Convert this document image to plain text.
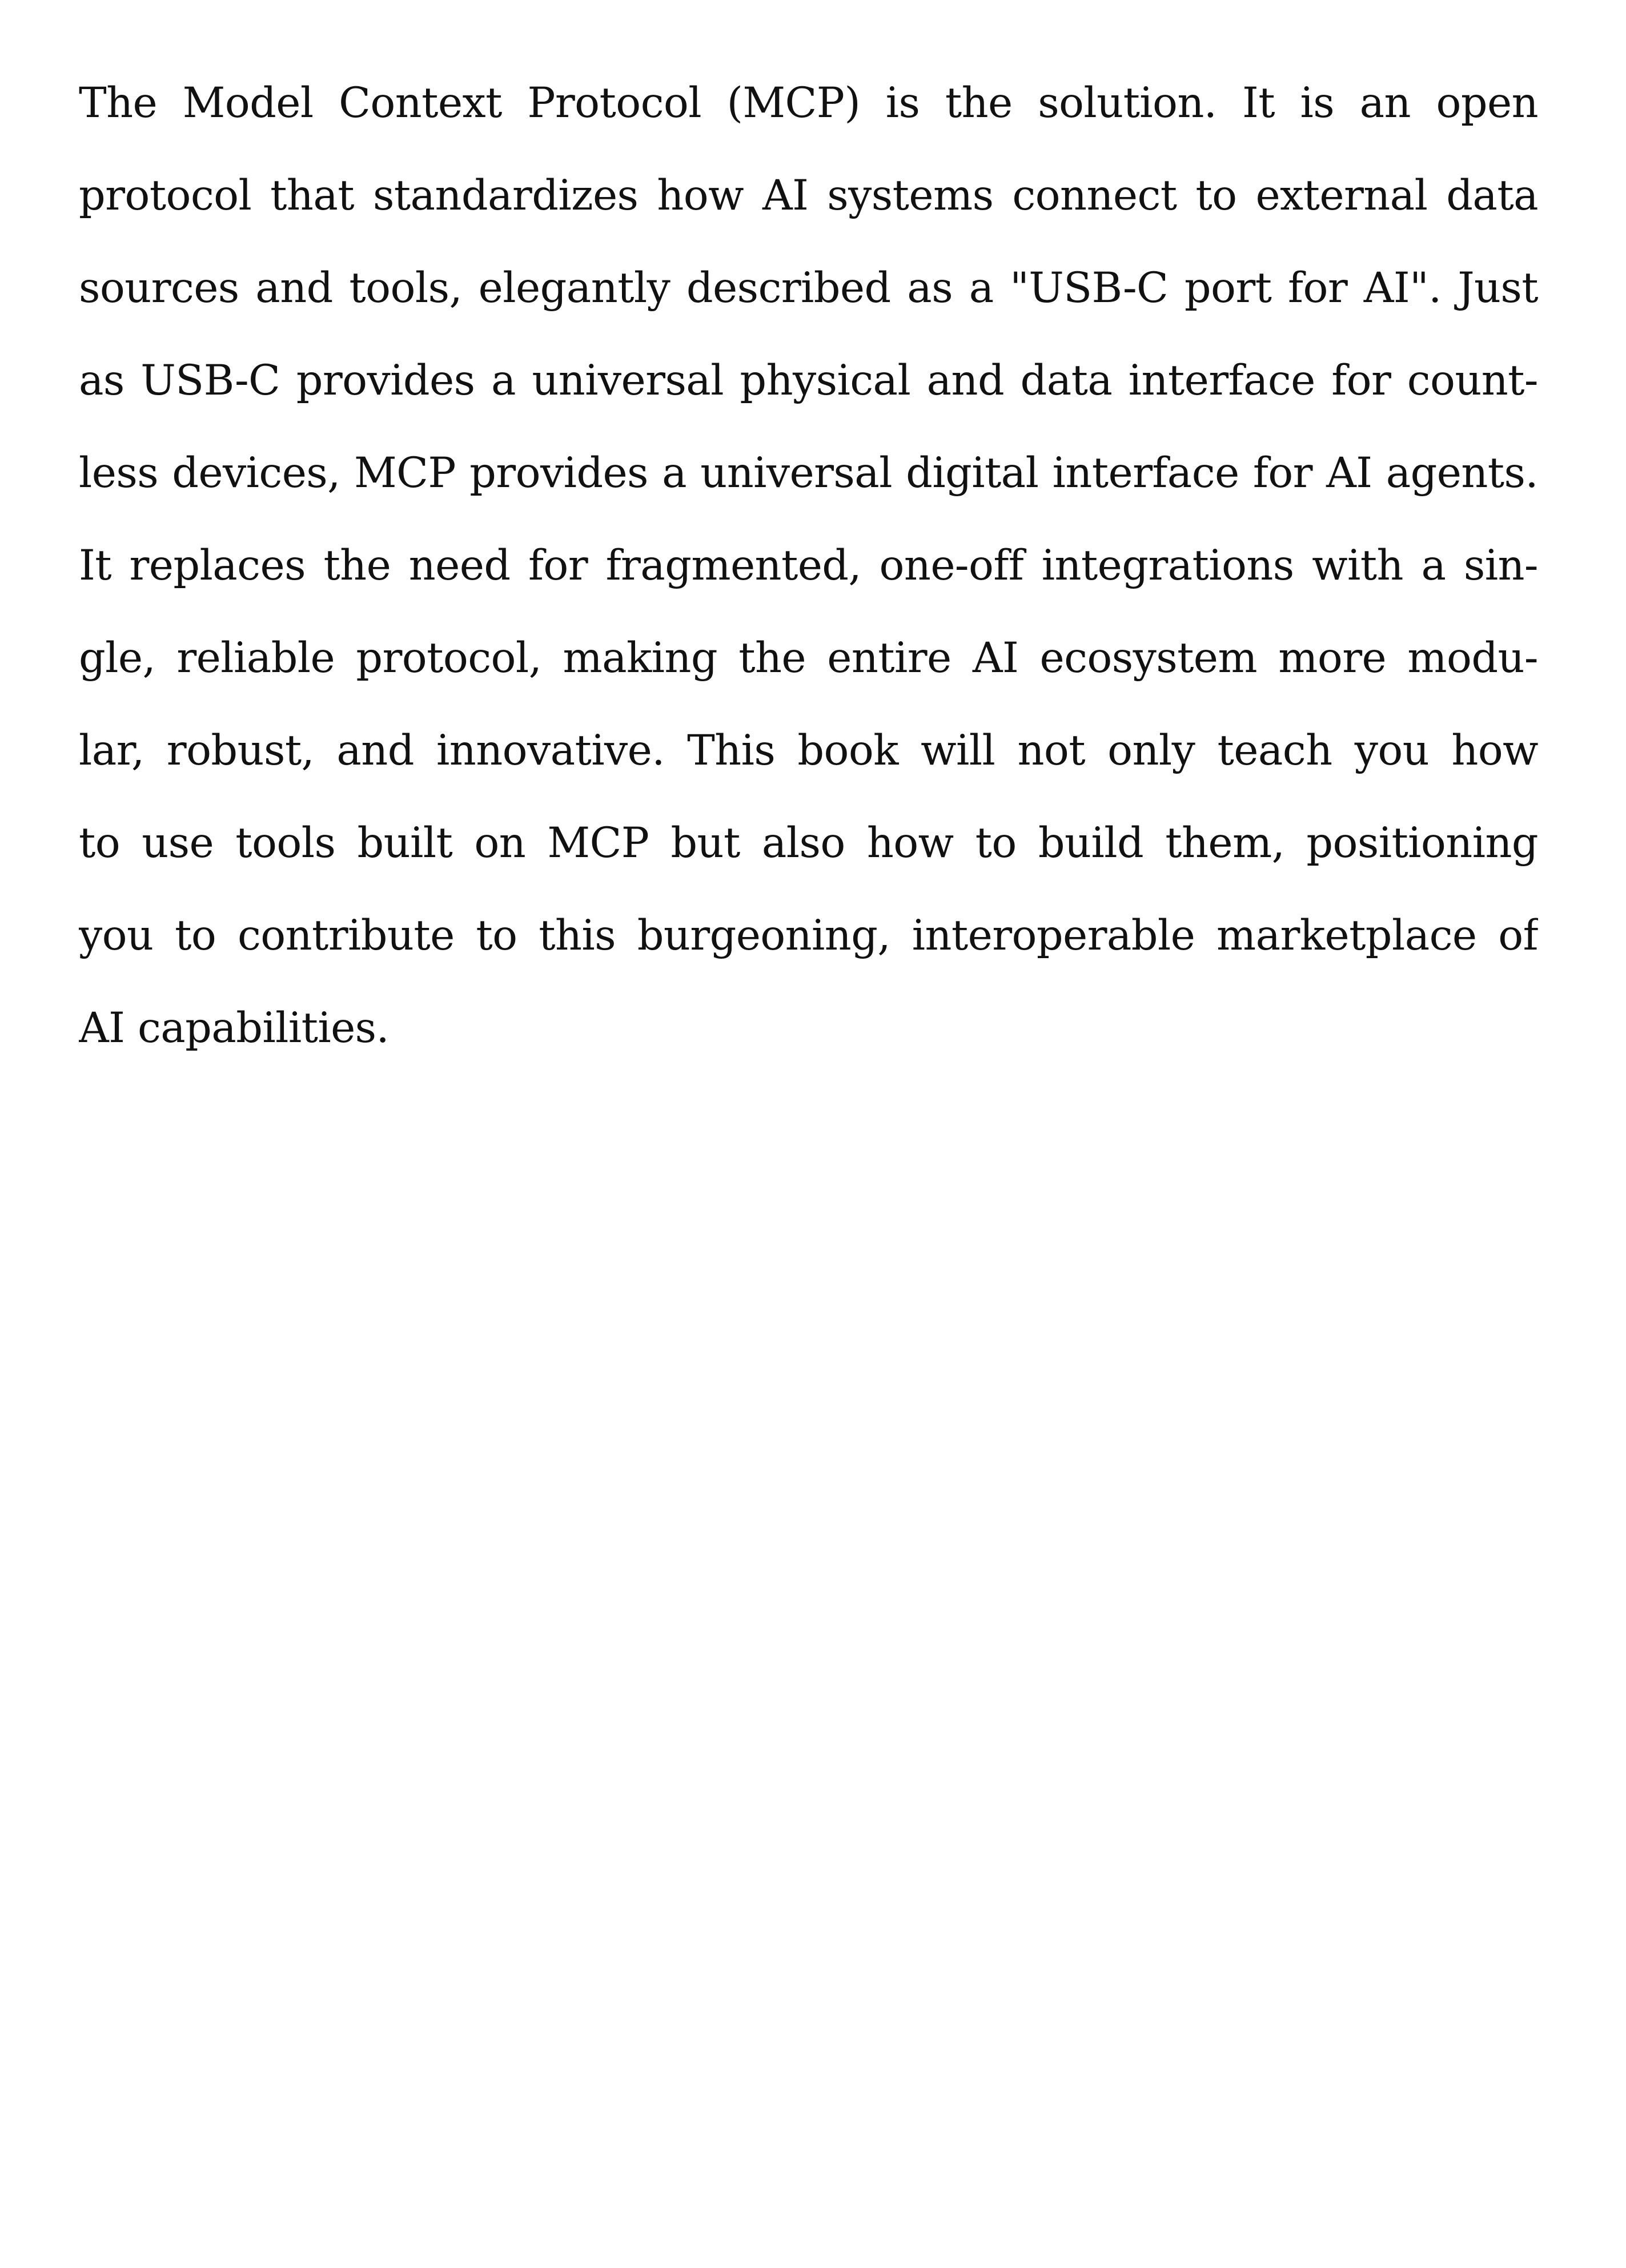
The Model Context Protocol (MCP) is the solution. It is an open
protocol that standardizes how AI systems connect to external data
sources and tools, elegantly described as a "USB-C port for AI". Just
as USB-C provides a universal physical and data interface for count-
less devices, MCP provides a universal digital interface for AI agents.
It replaces the need for fragmented, one-off integrations with a sin-
gle, reliable protocol, making the entire AI ecosystem more modu-
lar, robust, and innovative. This book will not only teach you how
to use tools built on MCP but also how to build them, positioning
you to contribute to this burgeoning, interoperable marketplace of
AI capabilities.
